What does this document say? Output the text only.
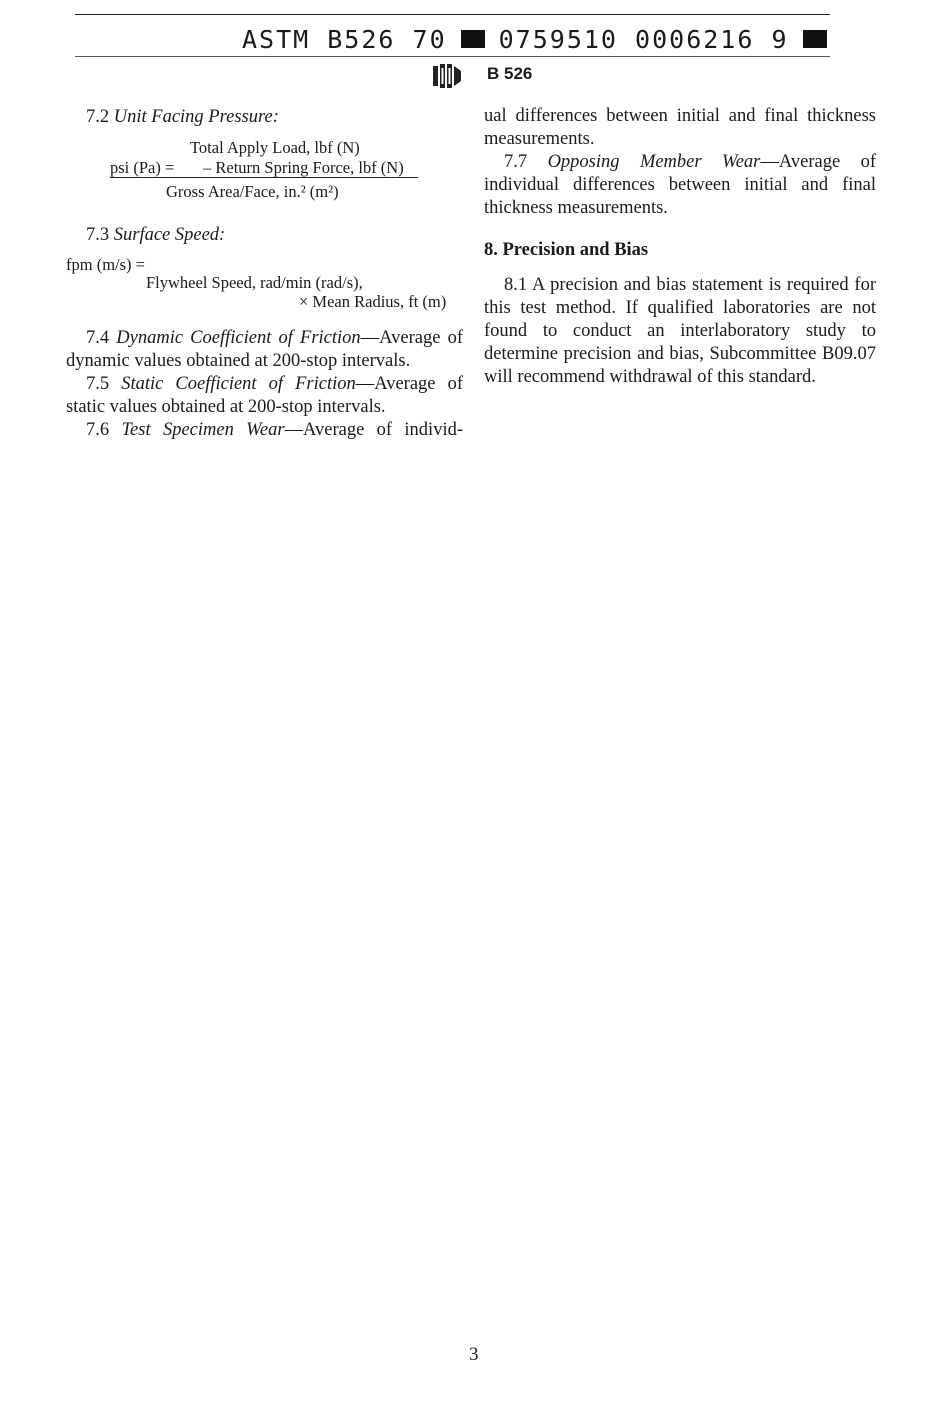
ASTM B526 70 0759510 0006216 9
B 526

7.2 Unit Facing Pressure:

Total Apply Load, lbf (N)
psi (Pa) = – Return Spring Force, lbf (N)
Gross Area/Face, in.² (m²)

7.3 Surface Speed:

fpm (m/s) =
Flywheel Speed, rad/min (rad/s),
× Mean Radius, ft (m)

7.4 Dynamic Coefficient of Friction—Average of dynamic values obtained at 200-stop intervals.

7.5 Static Coefficient of Friction—Average of static values obtained at 200-stop intervals.

7.6 Test Specimen Wear—Average of individ-

ual differences between initial and final thickness measurements.

7.7 Opposing Member Wear—Average of individual differences between initial and final thickness measurements.

8. Precision and Bias

8.1 A precision and bias statement is required for this test method. If qualified laboratories are not found to conduct an interlaboratory study to determine precision and bias, Subcommittee B09.07 will recommend withdrawal of this standard.

3
